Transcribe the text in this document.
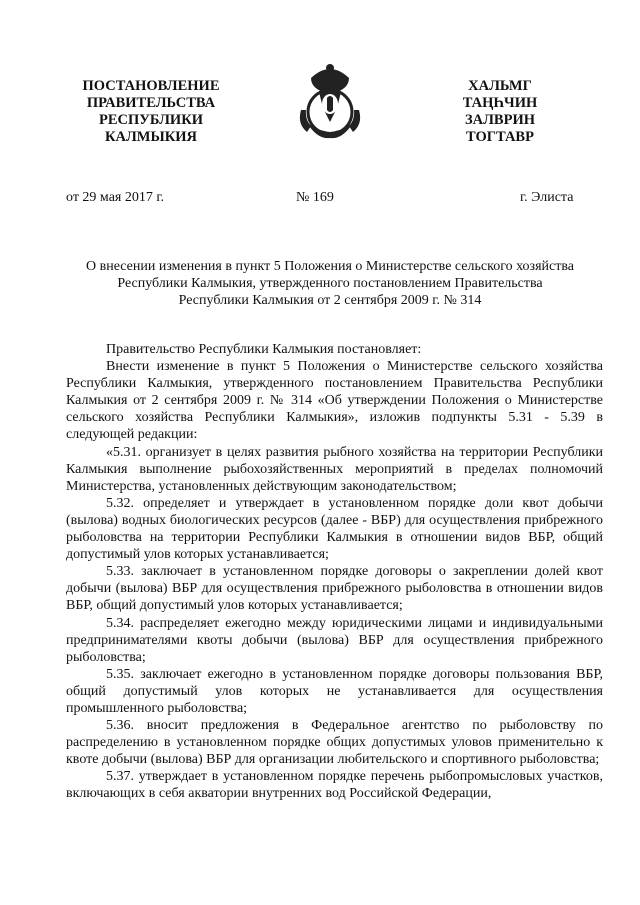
ПОСТАНОВЛЕНИЕ
ПРАВИТЕЛЬСТВА
РЕСПУБЛИКИ
КАЛМЫКИЯ
ХАЛЬМГ
ТАҢҺЧИН
ЗАЛВРИН
ТОГТАВР
от 29 мая 2017 г.	№ 169	г. Элиста
О внесении изменения в пункт 5 Положения о Министерстве сельского хозяйства
Республики Калмыкия, утвержденного постановлением Правительства
Республики Калмыкия от 2 сентября 2009 г. № 314

Правительство Республики Калмыкия постановляет:

Внести изменение в пункт 5 Положения о Министерстве сельского хозяйства Республики Калмыкия, утвержденного постановлением Правительства Республики Калмыкия от 2 сентября 2009 г. № 314 «Об утверждении Положения о Министерстве сельского хозяйства Республики Калмыкия», изложив подпункты 5.31 - 5.39 в следующей редакции:

«5.31. организует в целях развития рыбного хозяйства на территории Республики Калмыкия выполнение рыбохозяйственных мероприятий в пределах полномочий Министерства, установленных действующим законодательством;

5.32. определяет и утверждает в установленном порядке доли квот добычи (вылова) водных биологических ресурсов (далее - ВБР) для осуществления прибрежного рыболовства на территории Республики Калмыкия в отношении видов ВБР, общий допустимый улов которых устанавливается;

5.33. заключает в установленном порядке договоры о закреплении долей квот добычи (вылова) ВБР для осуществления прибрежного рыболовства в отношении видов ВБР, общий допустимый улов которых устанавливается;

5.34. распределяет ежегодно между юридическими лицами и индивидуальными предпринимателями квоты добычи (вылова) ВБР для осуществления прибрежного рыболовства;

5.35. заключает ежегодно в установленном порядке договоры пользования ВБР, общий допустимый улов которых не устанавливается для осуществления промышленного рыболовства;

5.36. вносит предложения в Федеральное агентство по рыболовству по распределению в установленном порядке общих допустимых уловов применительно к квоте добычи (вылова) ВБР для организации любительского и спортивного рыболовства;

5.37. утверждает в установленном порядке перечень рыбопромысловых участков, включающих в себя акватории внутренних вод Российской Федерации,
